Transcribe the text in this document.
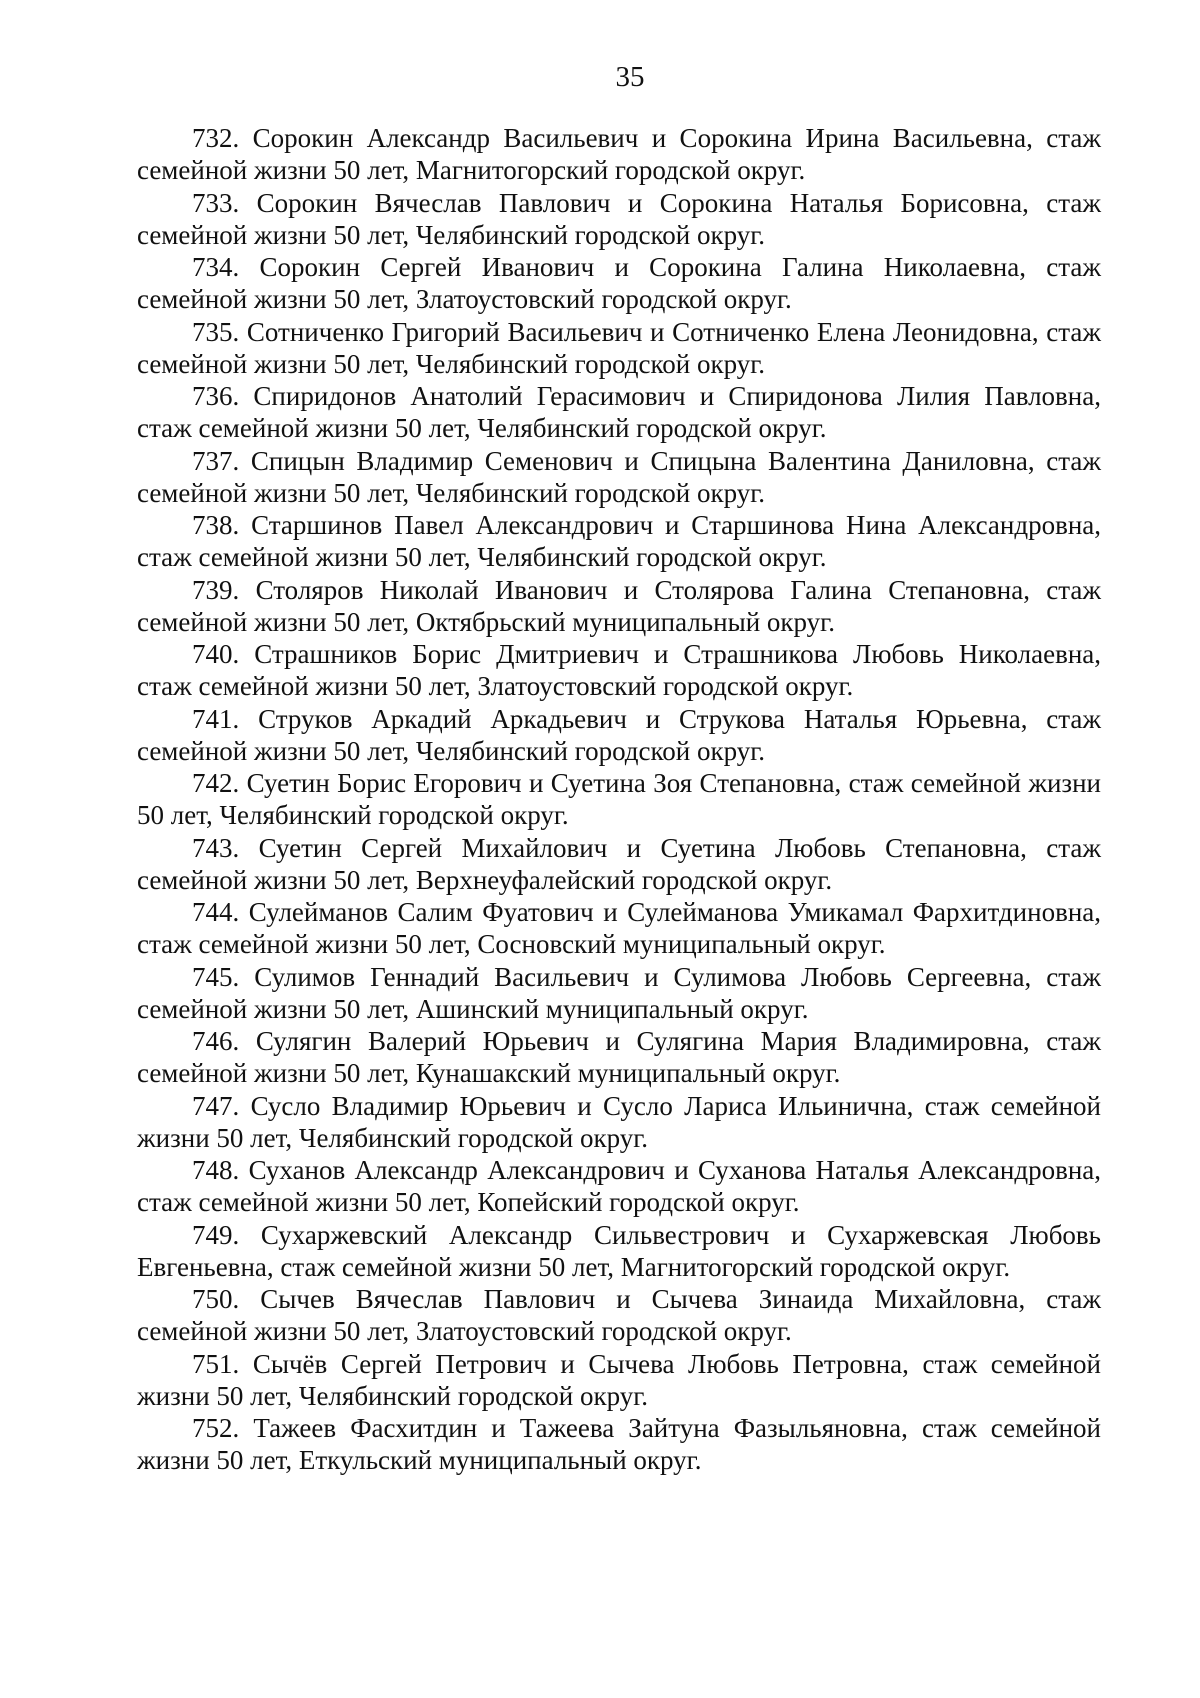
35

732. Сорокин Александр Васильевич и Сорокина Ирина Васильевна, стаж семейной жизни 50 лет, Магнитогорский городской округ.

733. Сорокин Вячеслав Павлович и Сорокина Наталья Борисовна, стаж семейной жизни 50 лет, Челябинский городской округ.

734. Сорокин Сергей Иванович и Сорокина Галина Николаевна, стаж семейной жизни 50 лет, Златоустовский городской округ.

735. Сотниченко Григорий Васильевич и Сотниченко Елена Леонидовна, стаж семейной жизни 50 лет, Челябинский городской округ.

736. Спиридонов Анатолий Герасимович и Спиридонова Лилия Павловна, стаж семейной жизни 50 лет, Челябинский городской округ.

737. Спицын Владимир Семенович и Спицына Валентина Даниловна, стаж семейной жизни 50 лет, Челябинский городской округ.

738. Старшинов Павел Александрович и Старшинова Нина Александровна, стаж семейной жизни 50 лет, Челябинский городской округ.

739. Столяров Николай Иванович и Столярова Галина Степановна, стаж семейной жизни 50 лет, Октябрьский муниципальный округ.

740. Страшников Борис Дмитриевич и Страшникова Любовь Николаевна, стаж семейной жизни 50 лет, Златоустовский городской округ.

741. Струков Аркадий Аркадьевич и Струкова Наталья Юрьевна, стаж семейной жизни 50 лет, Челябинский городской округ.

742. Суетин Борис Егорович и Суетина Зоя Степановна, стаж семейной жизни 50 лет, Челябинский городской округ.

743. Суетин Сергей Михайлович и Суетина Любовь Степановна, стаж семейной жизни 50 лет, Верхнеуфалейский городской округ.

744. Сулейманов Салим Фуатович и Сулейманова Умикамал Фархитдиновна, стаж семейной жизни 50 лет, Сосновский муниципальный округ.

745. Сулимов Геннадий Васильевич и Сулимова Любовь Сергеевна, стаж семейной жизни 50 лет, Ашинский муниципальный округ.

746. Сулягин Валерий Юрьевич и Сулягина Мария Владимировна, стаж семейной жизни 50 лет, Кунашакский муниципальный округ.

747. Сусло Владимир Юрьевич и Сусло Лариса Ильинична, стаж семейной жизни 50 лет, Челябинский городской округ.

748. Суханов Александр Александрович и Суханова Наталья Александровна, стаж семейной жизни 50 лет, Копейский городской округ.

749. Сухаржевский Александр Сильвестрович и Сухаржевская Любовь Евгеньевна, стаж семейной жизни 50 лет, Магнитогорский городской округ.

750. Сычев Вячеслав Павлович и Сычева Зинаида Михайловна, стаж семейной жизни 50 лет, Златоустовский городской округ.

751. Сычёв Сергей Петрович и Сычева Любовь Петровна, стаж семейной жизни 50 лет, Челябинский городской округ.

752. Тажеев Фасхитдин и Тажеева Зайтуна Фазыльяновна, стаж семейной жизни 50 лет, Еткульский муниципальный округ.
